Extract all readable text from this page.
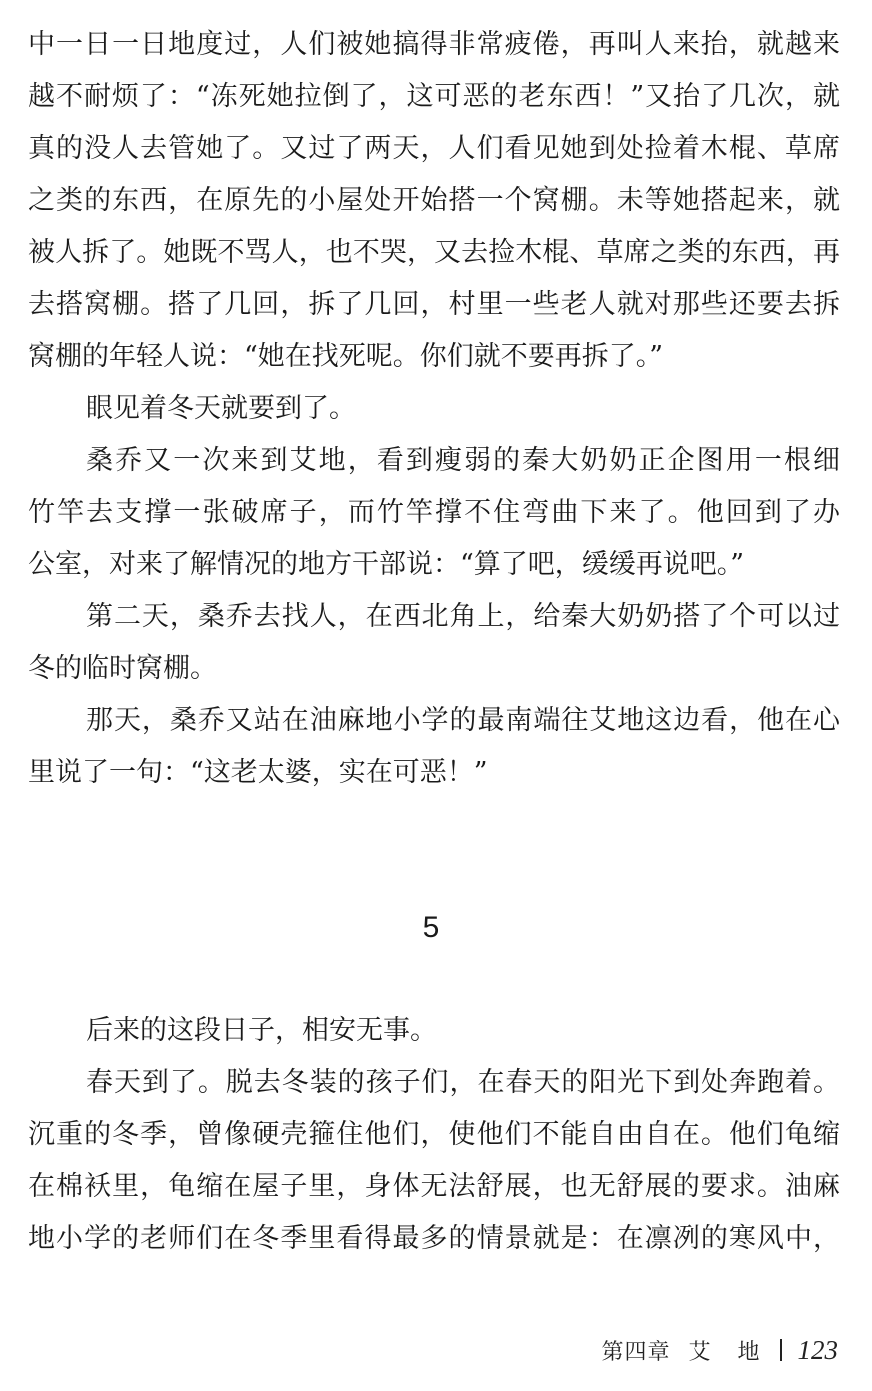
中一日一日地度过，人们被她搞得非常疲倦，再叫人来抬，就越来
越不耐烦了：“冻死她拉倒了，这可恶的老东西！”又抬了几次，就
真的没人去管她了。又过了两天，人们看见她到处捡着木棍、草席
之类的东西，在原先的小屋处开始搭一个窝棚。未等她搭起来，就
被人拆了。她既不骂人，也不哭，又去捡木棍、草席之类的东西，再
去搭窝棚。搭了几回，拆了几回，村里一些老人就对那些还要去拆
窝棚的年轻人说：“她在找死呢。你们就不要再拆了。”
眼见着冬天就要到了。
桑乔又一次来到艾地，看到瘦弱的秦大奶奶正企图用一根细
竹竿去支撑一张破席子，而竹竿撑不住弯曲下来了。他回到了办
公室，对来了解情况的地方干部说：“算了吧，缓缓再说吧。”
第二天，桑乔去找人，在西北角上，给秦大奶奶搭了个可以过
冬的临时窝棚。
那天，桑乔又站在油麻地小学的最南端往艾地这边看，他在心
里说了一句：“这老太婆，实在可恶！”
后来的这段日子，相安无事。
春天到了。脱去冬装的孩子们，在春天的阳光下到处奔跑着。
沉重的冬季，曾像硬壳箍住他们，使他们不能自由自在。他们龟缩
在棉袄里，龟缩在屋子里，身体无法舒展，也无舒展的要求。油麻
地小学的老师们在冬季里看得最多的情景就是：在凛冽的寒风中，
5
第四章 艾 地 123
